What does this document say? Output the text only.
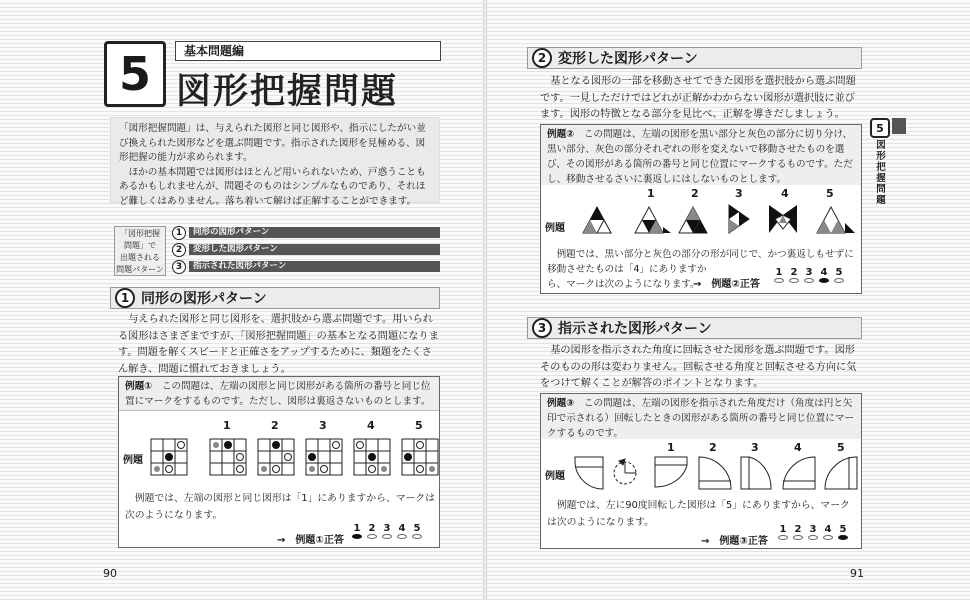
5	基本問題編
図形把握問題

「図形把握問題」は、与えられた図形と同じ図形や、指示にしたがい並び換えられた図形などを選ぶ問題です。指示された図形を見極める、図形把握の能力が求められます。

ほかの基本問題では図形はほとんど用いられないため、戸惑うこともあるかもしれませんが、問題そのものはシンプルなものであり、それほど難しくはありません。落ち着いて解けば正解することができます。

「図形把握
問題」で
出題される
問題パターン
1	同形の図形パターン
2	変形した図形パターン
3	指示された図形パターン
1 同形の図形パターン
与えられた図形と同じ図形を、選択肢から選ぶ問題です。用いられる図形はさまざまですが、「図形把握問題」の基本となる問題になります。問題を解くスピードと正確さをアップするために、類題をたくさん解き、問題に慣れておきましょう。
例題①　 この問題は、左端の図形と同じ図形がある箇所の番号と同じ位置にマークをするものです。ただし、図形は裏返さないものとします。
1	2	3	4	5
例題
例題では、左端の図形と同じ図形は「1」にありますから、マークは次のようになります。
→　例題①正答
1 2 3 4 5
90
2 変形した図形パターン
基となる図形の一部を移動させてできた図形を選択肢から選ぶ問題です。一見しただけではどれが正解かわからない図形が選択肢に並びます。図形の特徴となる部分を見比べ、正解を導きだしましょう。
例題②　 この問題は、左端の図形を黒い部分と灰色の部分に切り分け、黒い部分、灰色の部分それぞれの形を変えないで移動させたものを選び、その図形がある箇所の番号と同じ位置にマークするものです。ただし、移動させるさいに裏返しにはしないものとします。
1	2	3	4	5
例題
例題では、黒い部分と灰色の部分の形が同じで、かつ裏返しもせずに移動させたものは「4」にありますか
ら、マークは次のようになります。
→　例題②正答
1 2 3 4 5
3 指示された図形パターン
基の図形を指示された角度に回転させた図形を選ぶ問題です。図形そのものの形は変わりません。回転させる角度と回転させる方向に気をつけて解くことが解答のポイントとなります。
例題③　 この問題は、左端の図形を指示された角度だけ（角度は円と矢印で示される）回転したときの図形がある箇所の番号と同じ位置にマークするものです。
1	2	3	4	5
例題
例題では、左に90度回転した図形は「5」にありますから、マークは次のようになります。
→　例題③正答
1 2 3 4 5
5
図形把握問題
91
